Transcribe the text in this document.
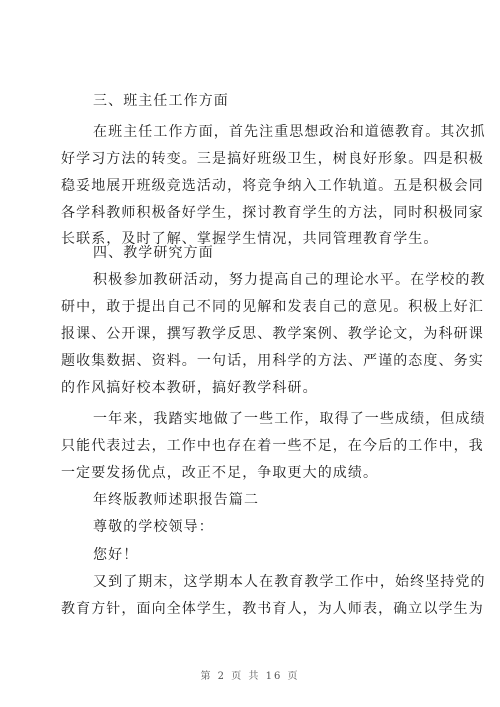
三、班主任工作方面
在班主任工作方面，首先注重思想政治和道德教育。其次抓
好学习方法的转变。三是搞好班级卫生，树良好形象。四是积极
稳妥地展开班级竞选活动，将竞争纳入工作轨道。五是积极会同
各学科教师积极备好学生，探讨教育学生的方法，同时积极同家
长联系，及时了解、掌握学生情况，共同管理教育学生。
四、教学研究方面
积极参加教研活动，努力提高自己的理论水平。在学校的教
研中，敢于提出自己不同的见解和发表自己的意见。积极上好汇
报课、公开课，撰写教学反思、教学案例、教学论文，为科研课
题收集数据、资料。一句话，用科学的方法、严谨的态度、务实
的作风搞好校本教研，搞好教学科研。
一年来，我踏实地做了一些工作，取得了一些成绩，但成绩
只能代表过去，工作中也存在着一些不足，在今后的工作中，我
一定要发扬优点，改正不足，争取更大的成绩。
年终版教师述职报告篇二
尊敬的学校领导：
您好！
又到了期末，这学期本人在教育教学工作中，始终坚持党的
教育方针，面向全体学生，教书育人，为人师表，确立以学生为
第 2 页 共 16 页
